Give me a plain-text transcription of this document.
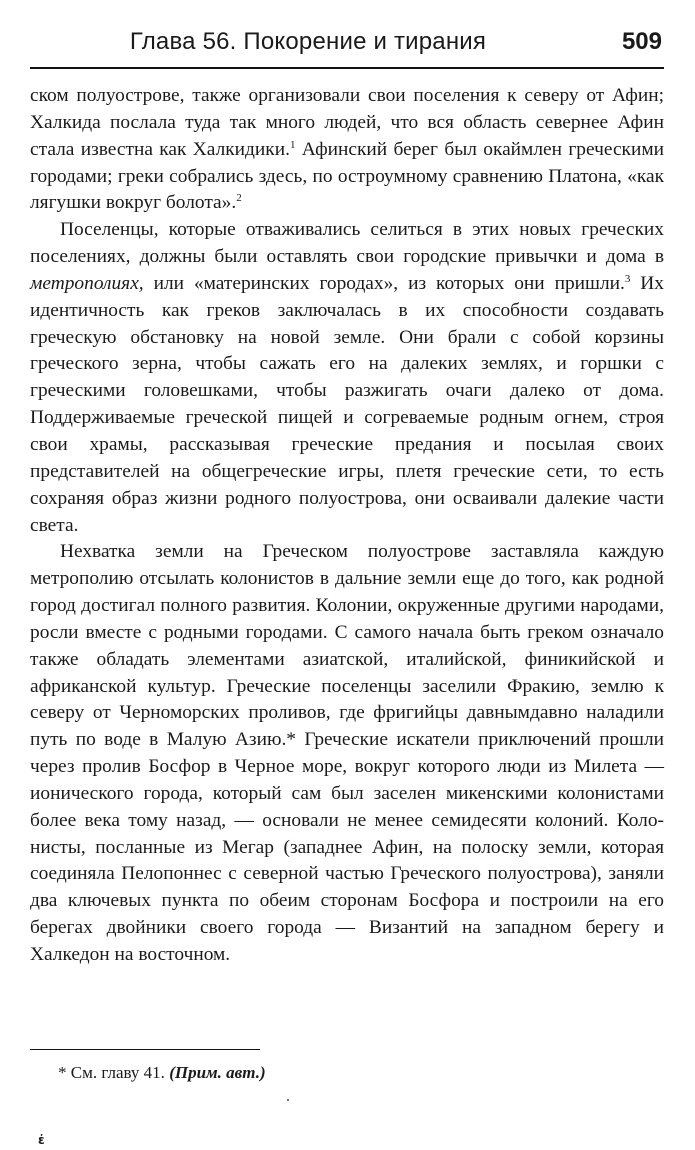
Глава 56. Покорение и тирания	509

ском полуострове, также организовали свои поселения к северу от Афин; Халкида послала туда так много людей, что вся область севернее Афин стала известна как Халкидики.$^1$ Афинский берег был окаймлен греческими городами; греки собрались здесь, по остроумному сравнению Платона, «как лягушки вокруг болота».$^2$

Поселенцы, которые отваживались селиться в этих новых греческих поселениях, должны были оставлять свои городские привычки и дома в метрополиях, или «материнских городах», из которых они пришли.$^3$ Их идентичность как греков заключалась в их способности создавать греческую обстановку на новой земле. Они брали с собой корзины греческого зерна, чтобы сажать его на далеких землях, и горшки с греческими головешками, чтобы разжигать очаги далеко от дома. Поддерживаемые греческой пищей и согреваемые родным огнем, строя свои храмы, рассказывая греческие предания и посылая своих представителей на общегреческие игры, плетя греческие сети, то есть сохраняя образ жизни родного полуострова, они осваивали далекие части света.

Нехватка земли на Греческом полуострове заставляла каждую метрополию отсылать колонистов в дальние земли еще до того, как родной город достигал полного развития. Колонии, окруженные другими народами, росли вместе с родными городами. С самого начала быть греком означало также обладать элементами азиатской, италийской, финикийской и африканской культур. Греческие поселенцы заселили Фракию, землю к северу от Черноморских проливов, где фригийцы давнымдавно наладили путь по воде в Малую Азию.* Греческие искатели приключений прошли через пролив Босфор в Черное море, вокруг которого люди из Милета — ионического города, который сам был заселен микенскими колонистами более века тому назад, — основали не менее семидесяти колоний. Колонисты, посланные из Мегар (западнее Афин, на полоску земли, которая соединяла Пелопоннес с северной частью Греческого полуострова), заняли два ключевых пункта по обеим сторонам Босфора и построили на его берегах двойники своего города — Византий на западном берегу и Халкедон на восточном.

* См. главу 41. (Прим. авт.)
ἐ
